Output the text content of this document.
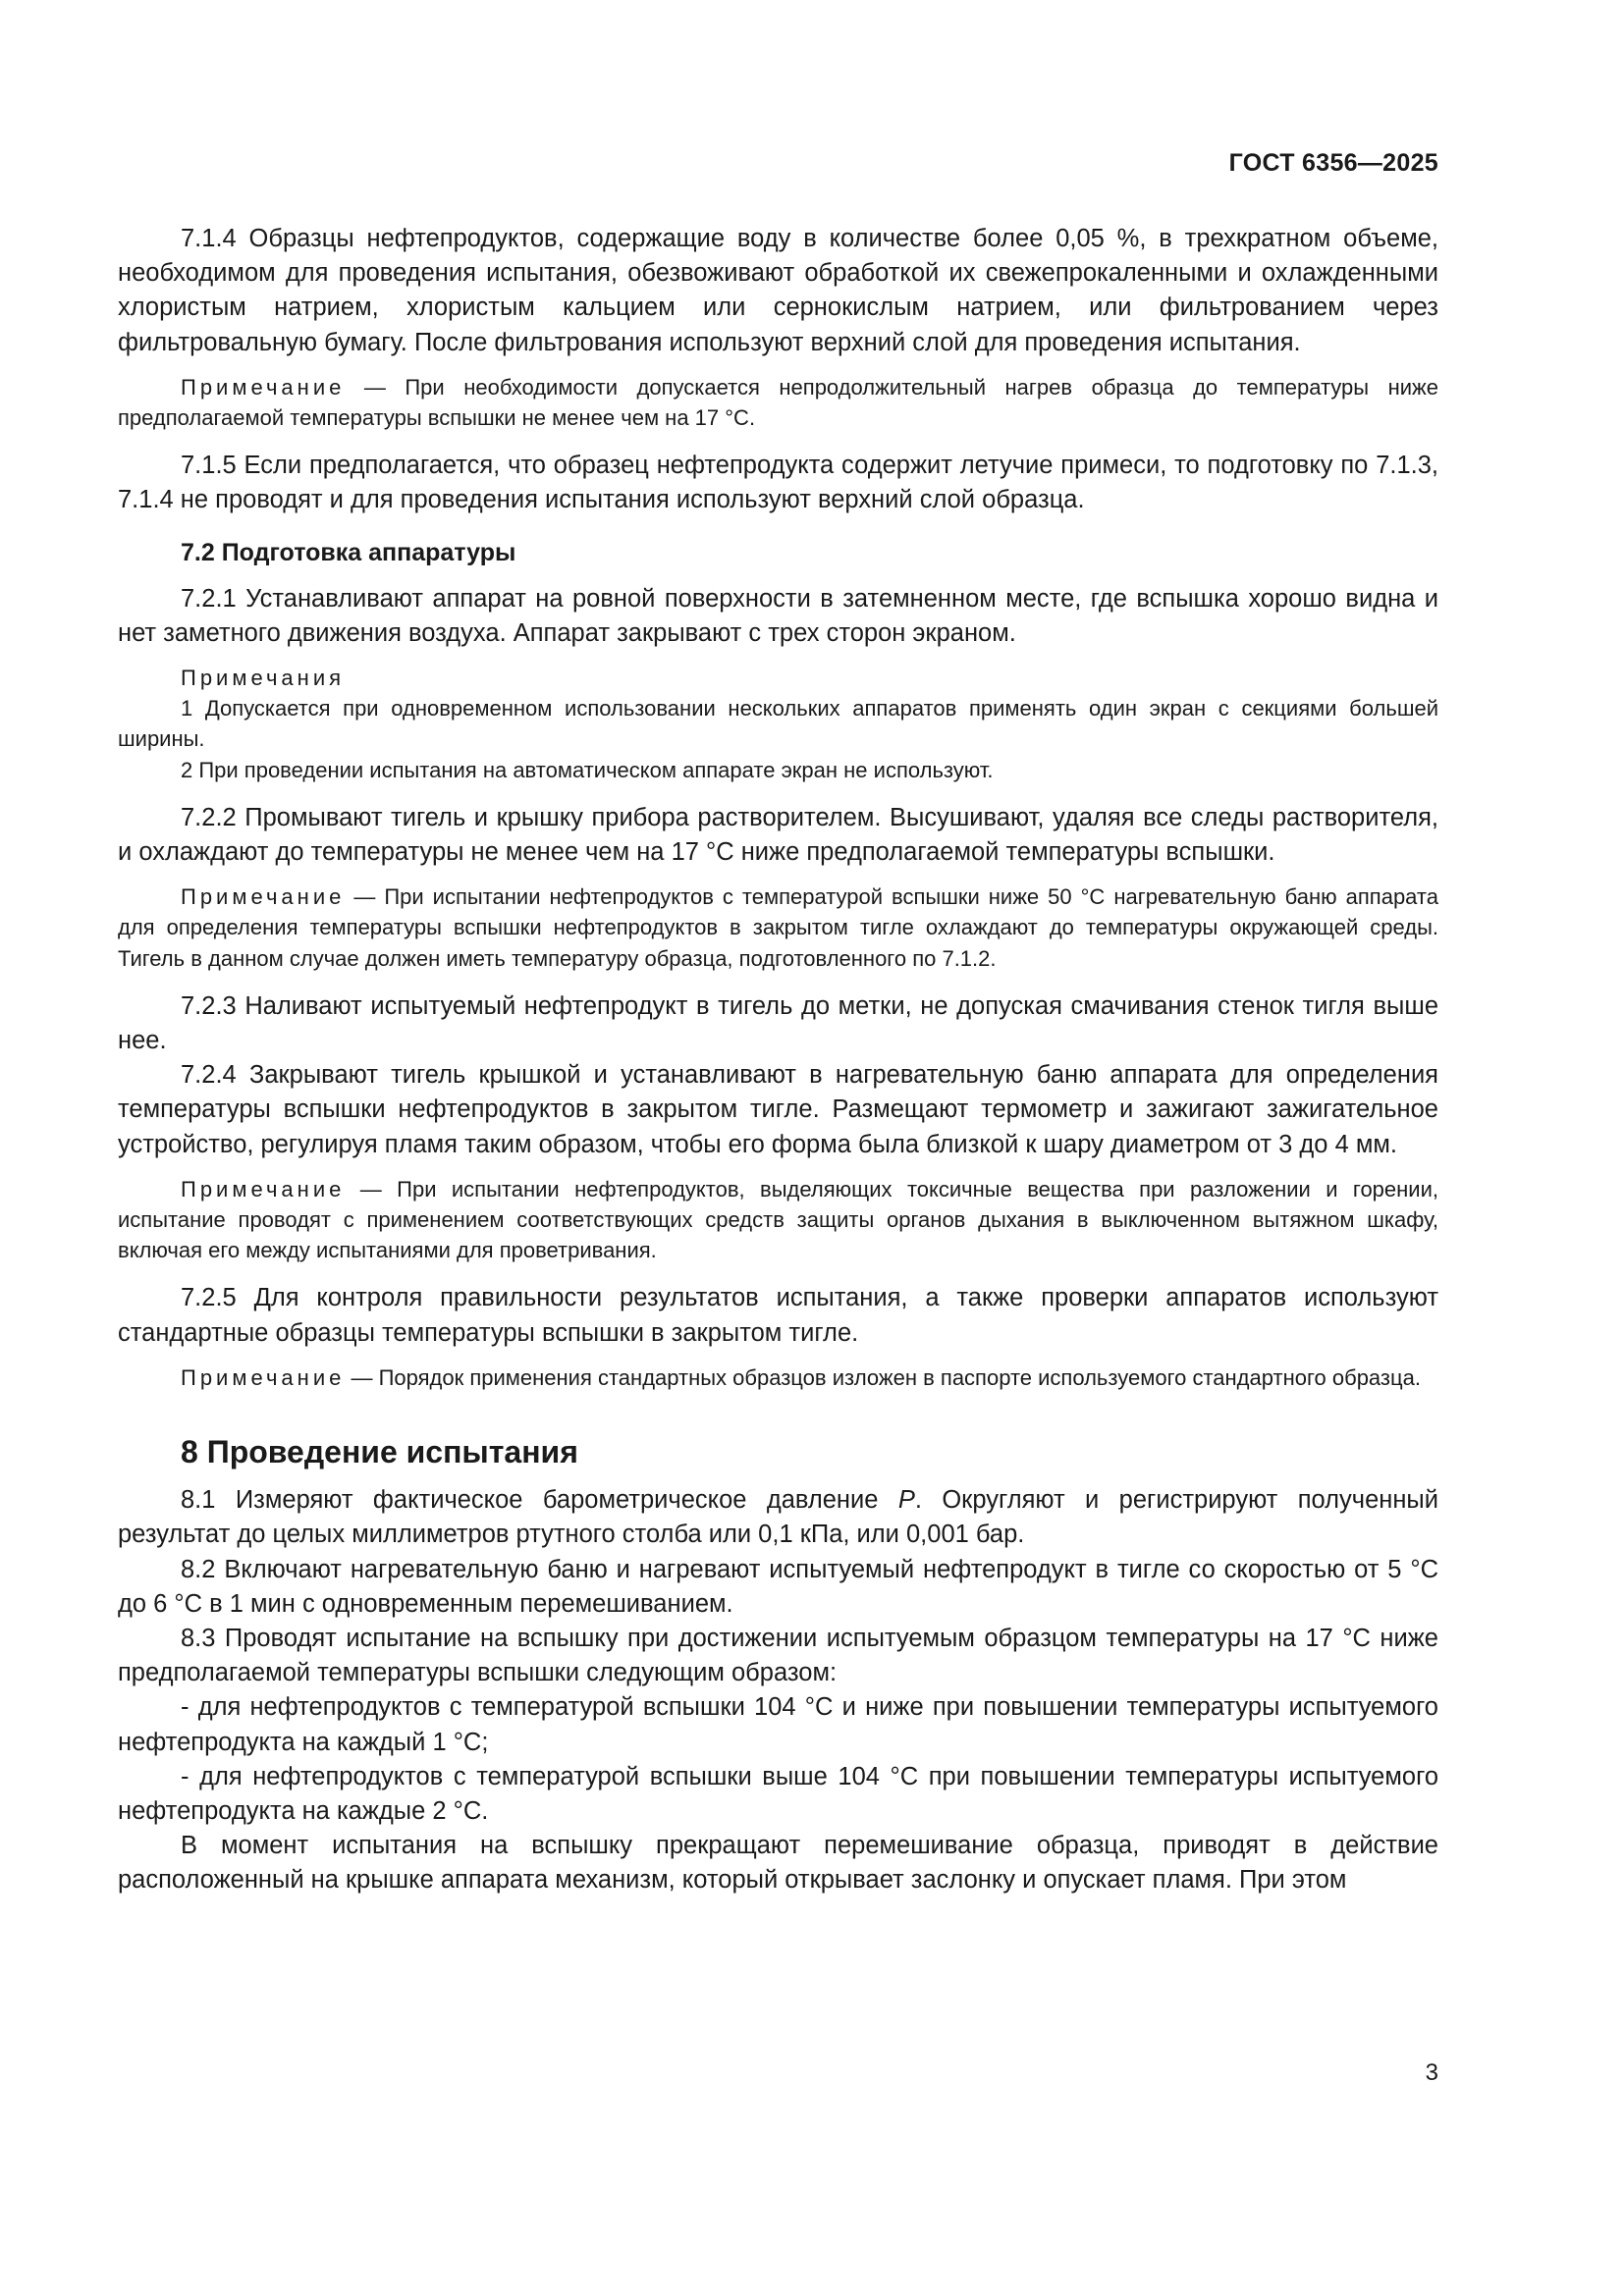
ГОСТ 6356—2025

7.1.4 Образцы нефтепродуктов, содержащие воду в количестве более 0,05 %, в трехкратном объеме, необходимом для проведения испытания, обезвоживают обработкой их свежепрокаленными и охлажденными хлористым натрием, хлористым кальцием или сернокислым натрием, или фильтрованием через фильтровальную бумагу. После фильтрования используют верхний слой для проведения испытания.

Примечание — При необходимости допускается непродолжительный нагрев образца до температуры ниже предполагаемой температуры вспышки не менее чем на 17 °С.

7.1.5 Если предполагается, что образец нефтепродукта содержит летучие примеси, то подготовку по 7.1.3, 7.1.4 не проводят и для проведения испытания используют верхний слой образца.

7.2 Подготовка аппаратуры

7.2.1 Устанавливают аппарат на ровной поверхности в затемненном месте, где вспышка хорошо видна и нет заметного движения воздуха. Аппарат закрывают с трех сторон экраном.

Примечания

1 Допускается при одновременном использовании нескольких аппаратов применять один экран с секциями большей ширины.

2 При проведении испытания на автоматическом аппарате экран не используют.

7.2.2 Промывают тигель и крышку прибора растворителем. Высушивают, удаляя все следы растворителя, и охлаждают до температуры не менее чем на 17 °С ниже предполагаемой температуры вспышки.

Примечание — При испытании нефтепродуктов с температурой вспышки ниже 50 °С нагревательную баню аппарата для определения температуры вспышки нефтепродуктов в закрытом тигле охлаждают до температуры окружающей среды. Тигель в данном случае должен иметь температуру образца, подготовленного по 7.1.2.

7.2.3 Наливают испытуемый нефтепродукт в тигель до метки, не допуская смачивания стенок тигля выше нее.

7.2.4 Закрывают тигель крышкой и устанавливают в нагревательную баню аппарата для определения температуры вспышки нефтепродуктов в закрытом тигле. Размещают термометр и зажигают зажигательное устройство, регулируя пламя таким образом, чтобы его форма была близкой к шару диаметром от 3 до 4 мм.

Примечание — При испытании нефтепродуктов, выделяющих токсичные вещества при разложении и горении, испытание проводят с применением соответствующих средств защиты органов дыхания в выключенном вытяжном шкафу, включая его между испытаниями для проветривания.

7.2.5 Для контроля правильности результатов испытания, а также проверки аппаратов используют стандартные образцы температуры вспышки в закрытом тигле.

Примечание — Порядок применения стандартных образцов изложен в паспорте используемого стандартного образца.

8 Проведение испытания

8.1 Измеряют фактическое барометрическое давление Р. Округляют и регистрируют полученный результат до целых миллиметров ртутного столба или 0,1 кПа, или 0,001 бар.

8.2 Включают нагревательную баню и нагревают испытуемый нефтепродукт в тигле со скоростью от 5 °С до 6 °С в 1 мин с одновременным перемешиванием.

8.3 Проводят испытание на вспышку при достижении испытуемым образцом температуры на 17 °С ниже предполагаемой температуры вспышки следующим образом:

- для нефтепродуктов с температурой вспышки 104 °С и ниже при повышении температуры испытуемого нефтепродукта на каждый 1 °С;

- для нефтепродуктов с температурой вспышки выше 104 °С при повышении температуры испытуемого нефтепродукта на каждые 2 °С.

В момент испытания на вспышку прекращают перемешивание образца, приводят в действие расположенный на крышке аппарата механизм, который открывает заслонку и опускает пламя. При этом

3
